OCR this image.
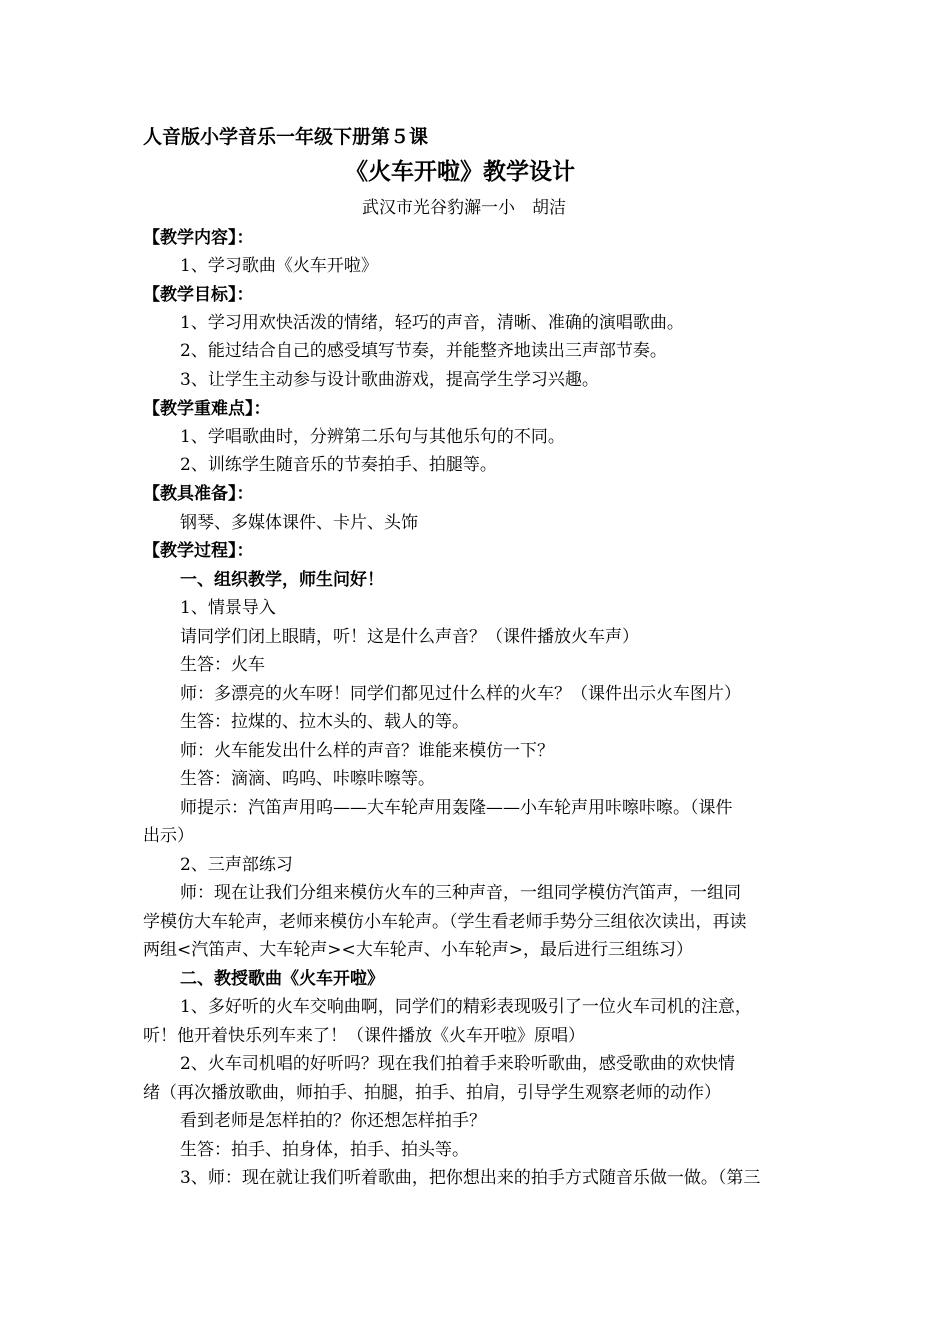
人音版小学音乐一年级下册第５课
《火车开啦》教学设计
武汉市光谷豹澥一小　胡洁
【教学内容】：
1、学习歌曲《火车开啦》
【教学目标】：
1、学习用欢快活泼的情绪，轻巧的声音，清晰、准确的演唱歌曲。
2、能过结合自己的感受填写节奏，并能整齐地读出三声部节奏。
3、让学生主动参与设计歌曲游戏，提高学生学习兴趣。
【教学重难点】：
1、学唱歌曲时，分辨第二乐句与其他乐句的不同。
2、训练学生随音乐的节奏拍手、拍腿等。
【教具准备】：
钢琴、多媒体课件、卡片、头饰
【教学过程】：
一、组织教学，师生问好！
1、情景导入
请同学们闭上眼睛，听！这是什么声音？（课件播放火车声）
生答：火车
师：多漂亮的火车呀！同学们都见过什么样的火车？（课件出示火车图片）
生答：拉煤的、拉木头的、载人的等。
师：火车能发出什么样的声音？谁能来模仿一下？
生答：滴滴、呜呜、咔嚓咔嚓等。
师提示：汽笛声用呜——大车轮声用轰隆——小车轮声用咔嚓咔嚓。（课件
出示）
2、三声部练习
师：现在让我们分组来模仿火车的三种声音，一组同学模仿汽笛声，一组同
学模仿大车轮声，老师来模仿小车轮声。（学生看老师手势分三组依次读出，再读
两组<汽笛声、大车轮声><大车轮声、小车轮声>，最后进行三组练习）
二、教授歌曲《火车开啦》
1、多好听的火车交响曲啊，同学们的精彩表现吸引了一位火车司机的注意，
听！他开着快乐列车来了！（课件播放《火车开啦》原唱）
2、火车司机唱的好听吗？现在我们拍着手来聆听歌曲，感受歌曲的欢快情
绪（再次播放歌曲，师拍手、拍腿，拍手、拍肩，引导学生观察老师的动作）
看到老师是怎样拍的？你还想怎样拍手？
生答：拍手、拍身体，拍手、拍头等。
3、师：现在就让我们听着歌曲，把你想出来的拍手方式随音乐做一做。（第三
